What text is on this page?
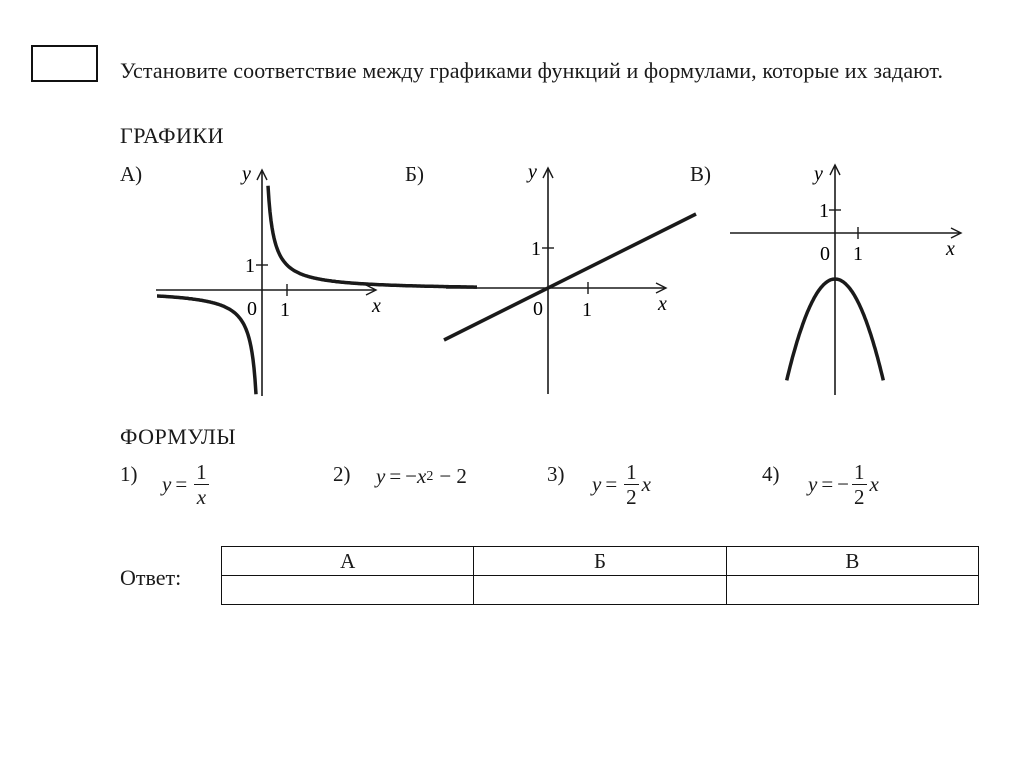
Установите соответствие между графиками функций и формулами, которые их задают.
ГРАФИКИ
А)	y
x
0 1
1
Б)	y
x
0 1
1
В)	y
x
0 1
1
ФОРМУЛЫ
1) $y = \frac{1}{x}$	2) y = − x 2 − 2	3) $y = \frac{1}{2}$ x	4) y = − $\frac{1}{2}$ x
Ответ:
А	Б	В
